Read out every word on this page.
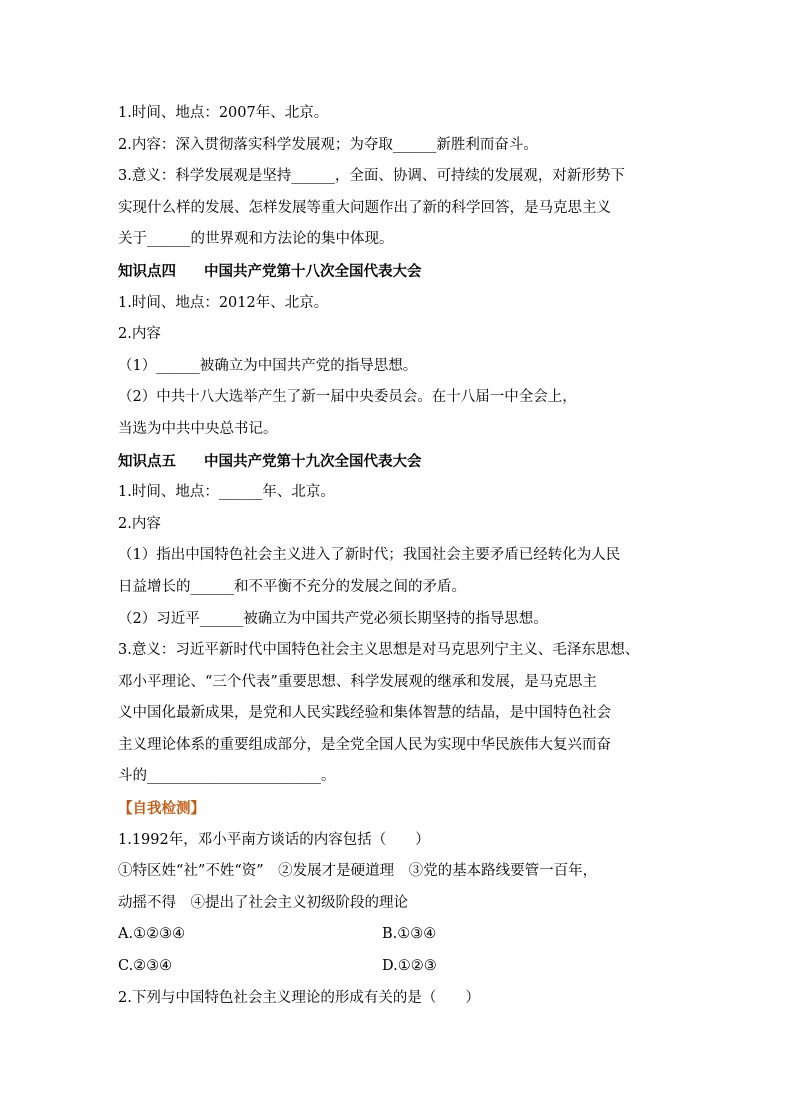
1.时间、地点：2007年、北京。
2.内容：深入贯彻落实科学发展观；为夺取______新胜利而奋斗。
3.意义：科学发展观是坚持______，全面、协调、可持续的发展观，对新形势下
实现什么样的发展、怎样发展等重大问题作出了新的科学回答，是马克思主义
关于______的世界观和方法论的集中体现。
知识点四 中国共产党第十八次全国代表大会
1.时间、地点：2012年、北京。
2.内容
（1）______被确立为中国共产党的指导思想。
（2）中共十八大选举产生了新一届中央委员会。在十八届一中全会上，
当选为中共中央总书记。
知识点五 中国共产党第十九次全国代表大会
1.时间、地点：______年、北京。
2.内容
（1）指出中国特色社会主义进入了新时代；我国社会主要矛盾已经转化为人民
日益增长的______和不平衡不充分的发展之间的矛盾。
（2）习近平______被确立为中国共产党必须长期坚持的指导思想。
3.意义：习近平新时代中国特色社会主义思想是对马克思列宁主义、毛泽东思想、
邓小平理论、“三个代表”重要思想、科学发展观的继承和发展，是马克思主
义中国化最新成果，是党和人民实践经验和集体智慧的结晶，是中国特色社会
主义理论体系的重要组成部分，是全党全国人民为实现中华民族伟大复兴而奋
斗的________________________。
【自我检测】
1.1992年，邓小平南方谈话的内容包括（　　）
①特区姓“社”不姓“资”　②发展才是硬道理　③党的基本路线要管一百年，
动摇不得　④提出了社会主义初级阶段的理论
A.①②③④	B.①③④
C.②③④	D.①②③
2.下列与中国特色社会主义理论的形成有关的是（　　）
